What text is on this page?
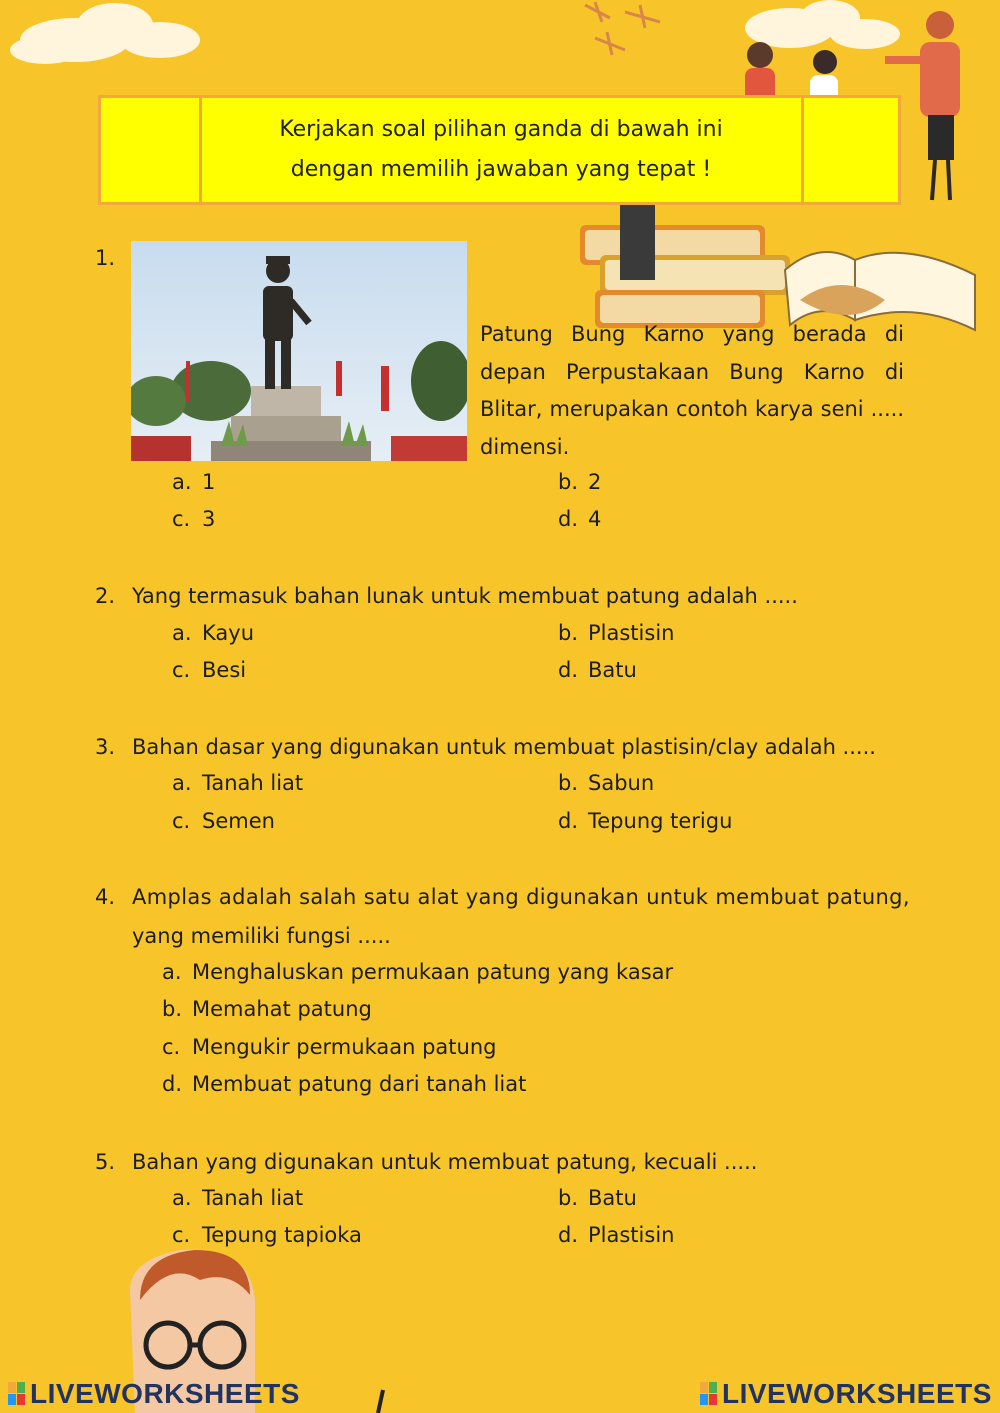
Kerjakan soal pilihan ganda di bawah ini
dengan memilih jawaban yang tepat !
1.
Patung Bung Karno yang berada di depan Perpustakaan Bung Karno di Blitar, merupakan contoh karya seni ..... dimensi.
a. 1	b. 2
c. 3	d. 4
2. Yang termasuk bahan lunak untuk membuat patung adalah .....
a. Kayu	b. Plastisin
c. Besi	d. Batu
3. Bahan dasar yang digunakan untuk membuat plastisin/clay adalah .....
a. Tanah liat	b. Sabun
c. Semen	d. Tepung terigu
4. Amplas adalah salah satu alat yang digunakan untuk membuat patung,
yang memiliki fungsi .....
a. Menghaluskan permukaan patung yang kasar
b. Memahat patung
c. Mengukir permukaan patung
d. Membuat patung dari tanah liat
5. Bahan yang digunakan untuk membuat patung, kecuali .....
a. Tanah liat	b. Batu
c. Tepung tapioka	d. Plastisin
LIVEWORKSHEETS	LIVEWORKSHEETS
